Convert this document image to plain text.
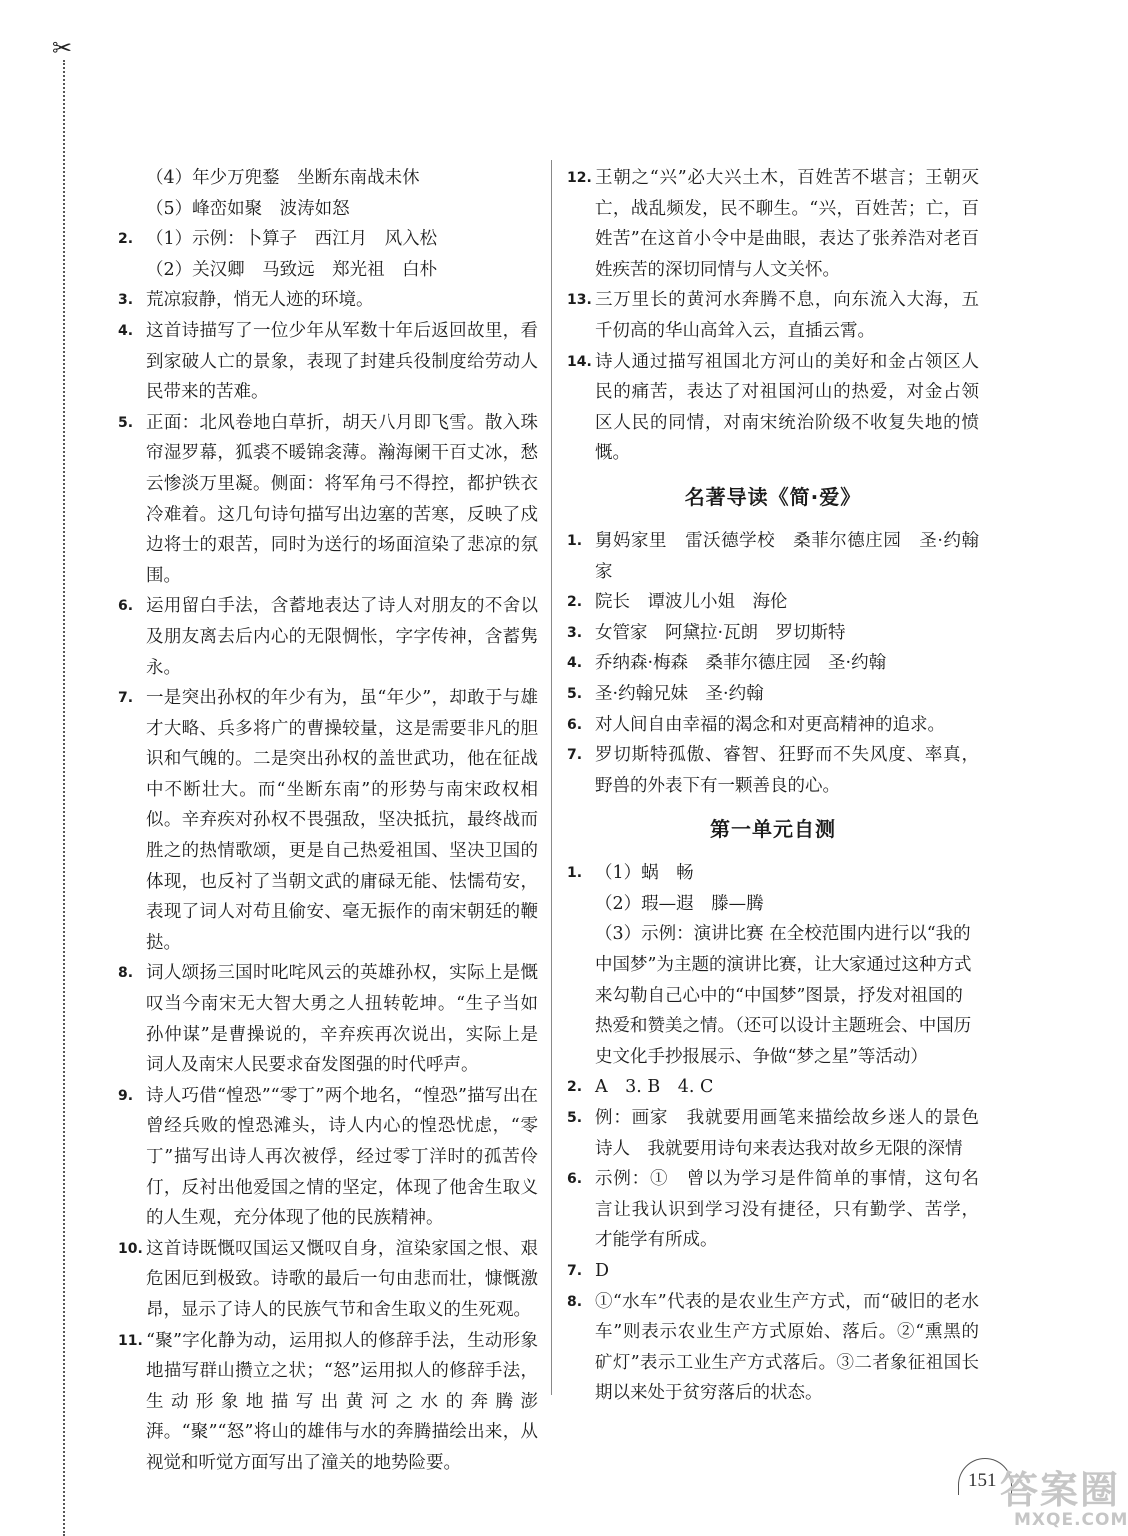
✂

（4）年少万兜鍪　坐断东南战未休

（5）峰峦如聚　波涛如怒

2. （1）示例：卜算子　西江月　风入松

（2）关汉卿　马致远　郑光祖　白朴

3. 荒凉寂静，悄无人迹的环境。

4. 这首诗描写了一位少年从军数十年后返回故里，看到家破人亡的景象，表现了封建兵役制度给劳动人民带来的苦难。

5. 正面：北风卷地白草折，胡天八月即飞雪。散入珠帘湿罗幕，狐裘不暖锦衾薄。瀚海阑干百丈冰，愁云惨淡万里凝。侧面：将军角弓不得控，都护铁衣冷难着。这几句诗句描写出边塞的苦寒，反映了戍边将士的艰苦，同时为送行的场面渲染了悲凉的氛围。

6. 运用留白手法，含蓄地表达了诗人对朋友的不舍以及朋友离去后内心的无限惆怅，字字传神，含蓄隽永。

7. 一是突出孙权的年少有为，虽“年少”，却敢于与雄才大略、兵多将广的曹操较量，这是需要非凡的胆识和气魄的。二是突出孙权的盖世武功，他在征战中不断壮大。而“坐断东南”的形势与南宋政权相似。辛弃疾对孙权不畏强敌，坚决抵抗，最终战而胜之的热情歌颂，更是自己热爱祖国、坚决卫国的体现，也反衬了当朝文武的庸碌无能、怯懦苟安，表现了词人对苟且偷安、毫无振作的南宋朝廷的鞭挞。

8. 词人颂扬三国时叱咤风云的英雄孙权，实际上是慨叹当今南宋无大智大勇之人扭转乾坤。“生子当如孙仲谋”是曹操说的，辛弃疾再次说出，实际上是词人及南宋人民要求奋发图强的时代呼声。

9. 诗人巧借“惶恐”“零丁”两个地名，“惶恐”描写出在曾经兵败的惶恐滩头，诗人内心的惶恐忧虑，“零丁”描写出诗人再次被俘，经过零丁洋时的孤苦伶仃，反衬出他爱国之情的坚定，体现了他舍生取义的人生观，充分体现了他的民族精神。

10. 这首诗既慨叹国运又慨叹自身，渲染家国之恨、艰危困厄到极致。诗歌的最后一句由悲而壮，慷慨激昂，显示了诗人的民族气节和舍生取义的生死观。

11. “聚”字化静为动，运用拟人的修辞手法，生动形象地描写群山攒立之状；“怒”运用拟人的修辞手法，生动形象地描写出黄河之水的奔腾澎湃。“聚”“怒”将山的雄伟与水的奔腾描绘出来，从视觉和听觉方面写出了潼关的地势险要。

12. 王朝之“兴”必大兴土木，百姓苦不堪言；王朝灭亡，战乱频发，民不聊生。“兴，百姓苦；亡，百姓苦”在这首小令中是曲眼，表达了张养浩对老百姓疾苦的深切同情与人文关怀。

13. 三万里长的黄河水奔腾不息，向东流入大海，五千仞高的华山高耸入云，直插云霄。

14. 诗人通过描写祖国北方河山的美好和金占领区人民的痛苦，表达了对祖国河山的热爱，对金占领区人民的同情，对南宋统治阶级不收复失地的愤慨。

名著导读《简·爱》

1. 舅妈家里　雷沃德学校　桑菲尔德庄园　圣·约翰家

2. 院长　谭波儿小姐　海伦

3. 女管家　阿黛拉·瓦朗　罗切斯特

4. 乔纳森·梅森　桑菲尔德庄园　圣·约翰

5. 圣·约翰兄妹　圣·约翰

6. 对人间自由幸福的渴念和对更高精神的追求。

7. 罗切斯特孤傲、睿智、狂野而不失风度、率真，野兽的外表下有一颗善良的心。

第一单元自测

1. （1）蜗　畅

（2）瑕—遐　滕—腾

（3）示例：演讲比赛 在全校范围内进行以“我的中国梦”为主题的演讲比赛，让大家通过这种方式来勾勒自己心中的“中国梦”图景，抒发对祖国的热爱和赞美之情。（还可以设计主题班会、中国历史文化手抄报展示、争做“梦之星”等活动）

2. A　3. B　4. C

5. 例：画家　我就要用画笔来描绘故乡迷人的景色　诗人　我就要用诗句来表达我对故乡无限的深情

6. 示例：①　曾以为学习是件简单的事情，这句名言让我认识到学习没有捷径，只有勤学、苦学，才能学有所成。

7. D

8. ①“水车”代表的是农业生产方式，而“破旧的老水车”则表示农业生产方式原始、落后。②“熏黑的矿灯”表示工业生产方式落后。③二者象征祖国长期以来处于贫穷落后的状态。

151 答案圈
MXQE.COM
